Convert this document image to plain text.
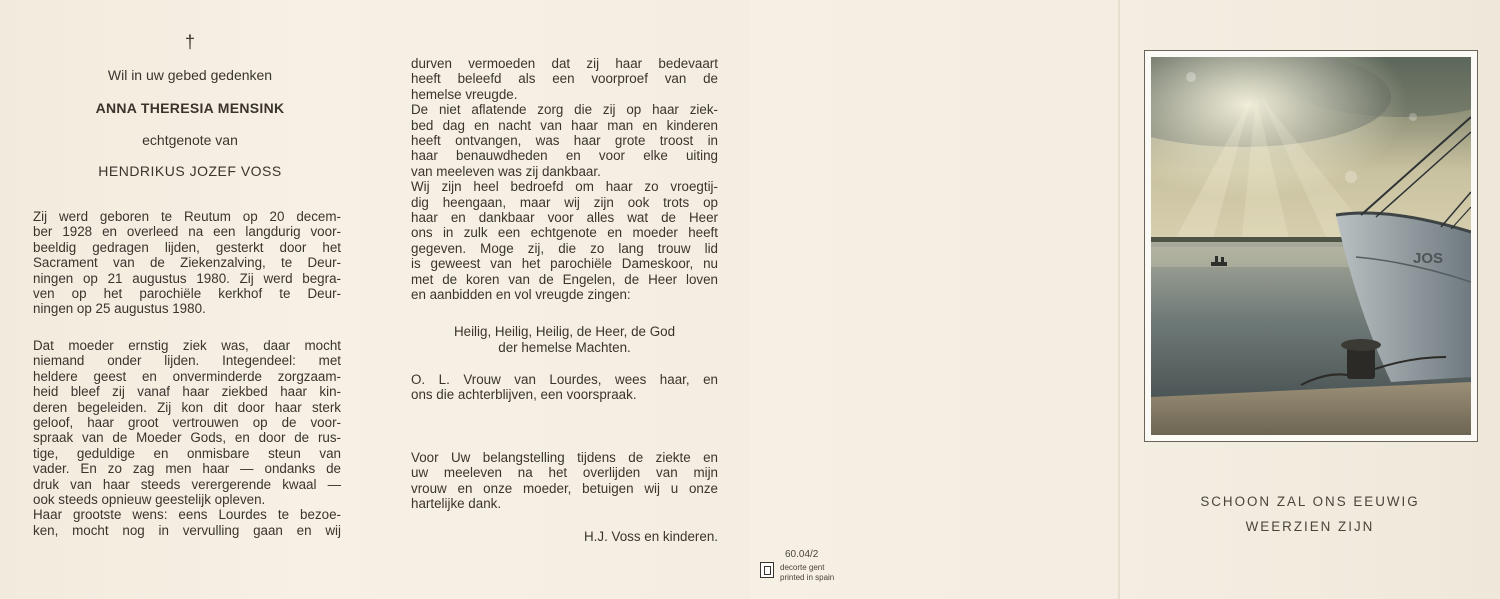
†
Wil in uw gebed gedenken
ANNA THERESIA MENSINK
echtgenote van
HENDRIKUS JOZEF VOSS
Zij werd geboren te Reutum op 20 decem-
ber 1928 en overleed na een langdurig voor-
beeldig gedragen lijden, gesterkt door het
Sacrament van de Ziekenzalving, te Deur-
ningen op 21 augustus 1980. Zij werd begra-
ven op het parochiële kerkhof te Deur-
ningen op 25 augustus 1980.
Dat moeder ernstig ziek was, daar mocht
niemand onder lijden. Integendeel: met
heldere geest en onverminderde zorgzaam-
heid bleef zij vanaf haar ziekbed haar kin-
deren begeleiden. Zij kon dit door haar sterk
geloof, haar groot vertrouwen op de voor-
spraak van de Moeder Gods, en door de rus-
tige, geduldige en onmisbare steun van
vader. En zo zag men haar — ondanks de
druk van haar steeds verergerende kwaal —
ook steeds opnieuw geestelijk opleven.
Haar grootste wens: eens Lourdes te bezoe-
ken, mocht nog in vervulling gaan en wij
durven vermoeden dat zij haar bedevaart
heeft beleefd als een voorproef van de
hemelse vreugde.
De niet aflatende zorg die zij op haar ziek-
bed dag en nacht van haar man en kinderen
heeft ontvangen, was haar grote troost in
haar benauwdheden en voor elke uiting
van meeleven was zij dankbaar.
Wij zijn heel bedroefd om haar zo vroegtij-
dig heengaan, maar wij zijn ook trots op
haar en dankbaar voor alles wat de Heer
ons in zulk een echtgenote en moeder heeft
gegeven. Moge zij, die zo lang trouw lid
is geweest van het parochiële Dameskoor, nu
met de koren van de Engelen, de Heer loven
en aanbidden en vol vreugde zingen:
Heilig, Heilig, Heilig, de Heer, de God
der hemelse Machten.
O. L. Vrouw van Lourdes, wees haar, en
ons die achterblijven, een voorspraak.
Voor Uw belangstelling tijdens de ziekte en
uw meeleven na het overlijden van mijn
vrouw en onze moeder, betuigen wij u onze
hartelijke dank.
H.J. Voss en kinderen.
60.04/2
decorte gent
printed in spain
JOS
SCHOON ZAL ONS EEUWIG
WEERZIEN ZIJN
